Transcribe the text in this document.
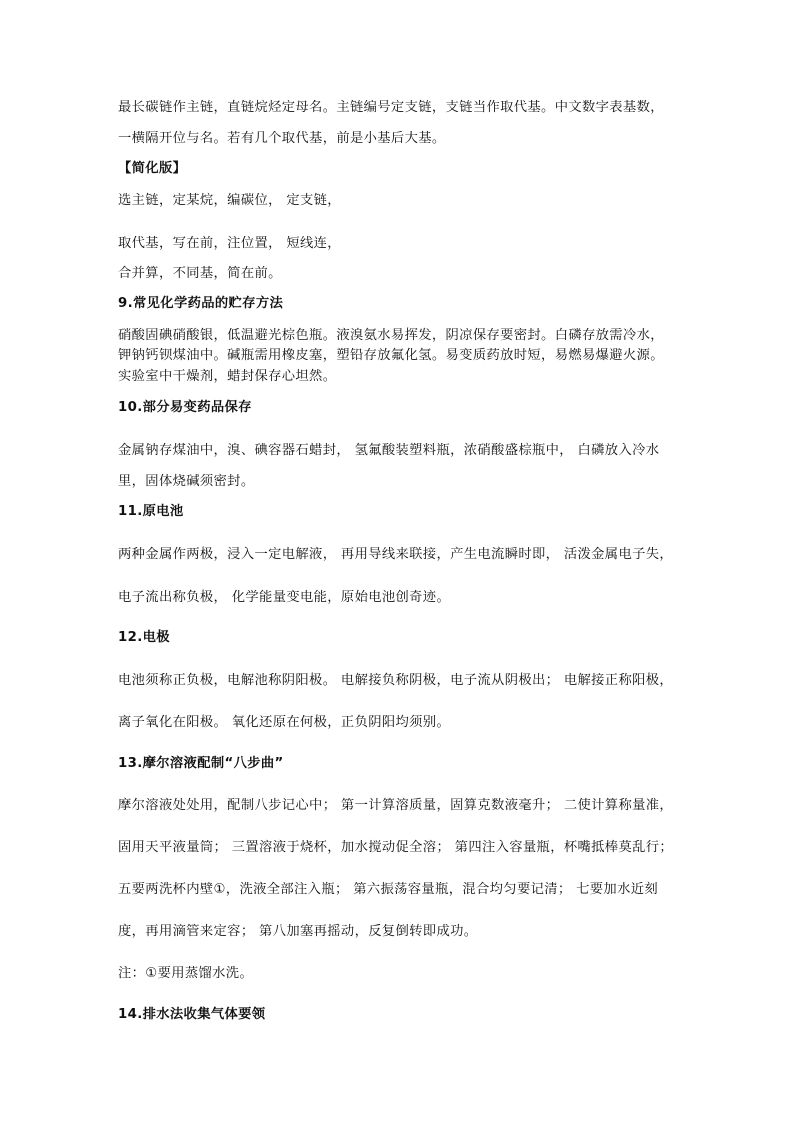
最长碳链作主链，直链烷烃定母名。主链编号定支链，支链当作取代基。中文数字表基数，
一横隔开位与名。若有几个取代基，前是小基后大基。
【简化版】
选主链，定某烷，编碳位， 定支链，
取代基，写在前，注位置， 短线连，
合并算，不同基，简在前。
9.常见化学药品的贮存方法
硝酸固碘硝酸银，低温避光棕色瓶。液溴氨水易挥发，阴凉保存要密封。白磷存放需冷水，
钾钠钙钡煤油中。碱瓶需用橡皮塞，塑铅存放氟化氢。易变质药放时短，易燃易爆避火源。
实验室中干燥剂，蜡封保存心坦然。
10.部分易变药品保存
金属钠存煤油中，溴、碘容器石蜡封， 氢氟酸装塑料瓶，浓硝酸盛棕瓶中， 白磷放入冷水
里，固体烧碱须密封。
11.原电池
两种金属作两极，浸入一定电解液， 再用导线来联接，产生电流瞬时即， 活泼金属电子失，
电子流出称负极， 化学能量变电能，原始电池创奇迹。
12.电极
电池须称正负极，电解池称阴阳极。 电解接负称阴极，电子流从阴极出； 电解接正称阳极，
离子氧化在阳极。 氧化还原在何极，正负阴阳均须别。
13.摩尔溶液配制“八步曲”
摩尔溶液处处用，配制八步记心中； 第一计算溶质量，固算克数液毫升； 二使计算称量准，
固用天平液量筒； 三置溶液于烧杯，加水搅动促全溶； 第四注入容量瓶，杯嘴抵棒莫乱行；
五要两洗杯内壁①，洗液全部注入瓶； 第六振荡容量瓶，混合均匀要记清； 七要加水近刻
度，再用滴管来定容； 第八加塞再摇动，反复倒转即成功。
注：①要用蒸馏水洗。
14.排水法收集气体要领
